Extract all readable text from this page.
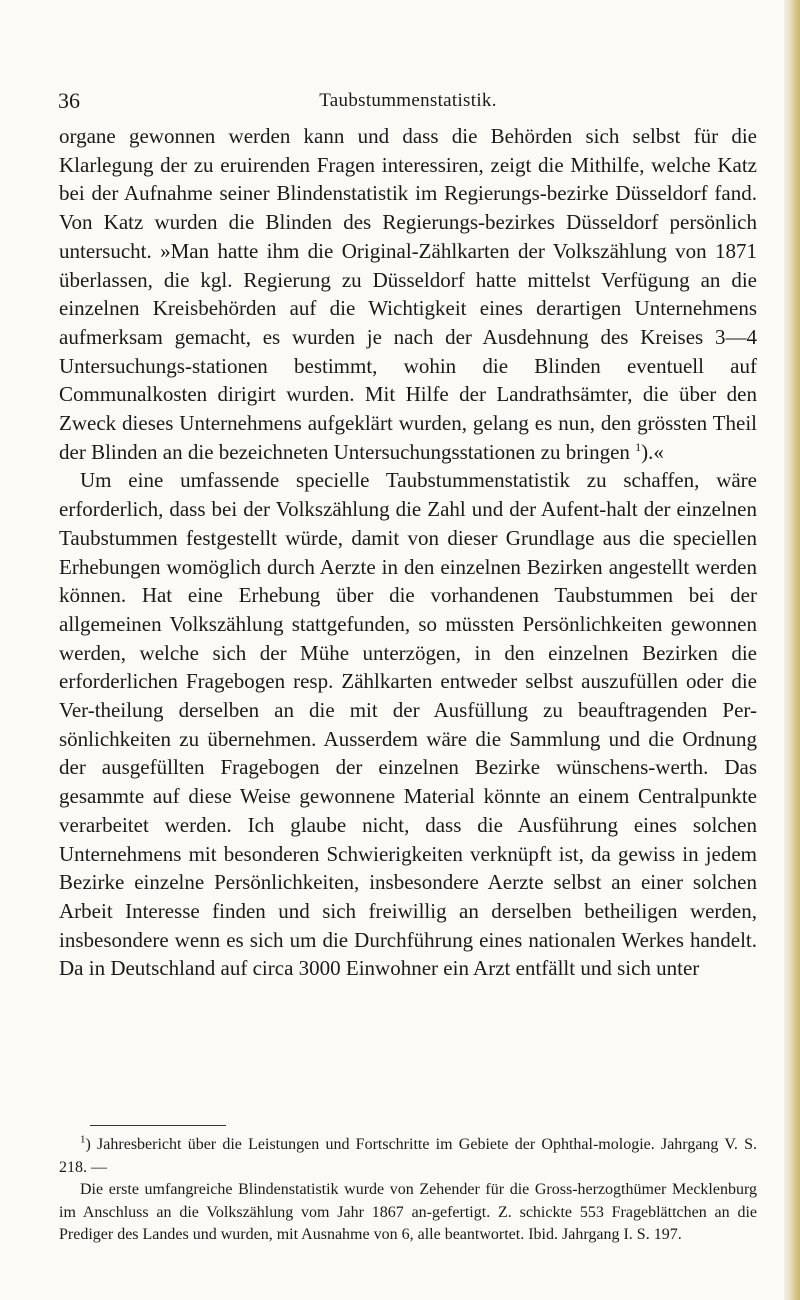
36	Taubstummenstatistik.

organe gewonnen werden kann und dass die Behörden sich selbst für die Klarlegung der zu eruirenden Fragen interessiren, zeigt die Mithilfe, welche Katz bei der Aufnahme seiner Blindenstatistik im Regierungs-bezirke Düsseldorf fand. Von Katz wurden die Blinden des Regierungs-bezirkes Düsseldorf persönlich untersucht. »Man hatte ihm die Original-Zählkarten der Volkszählung von 1871 überlassen, die kgl. Regierung zu Düsseldorf hatte mittelst Verfügung an die einzelnen Kreisbehörden auf die Wichtigkeit eines derartigen Unternehmens aufmerksam gemacht, es wurden je nach der Ausdehnung des Kreises 3—4 Untersuchungs-stationen bestimmt, wohin die Blinden eventuell auf Communalkosten dirigirt wurden. Mit Hilfe der Landrathsämter, die über den Zweck dieses Unternehmens aufgeklärt wurden, gelang es nun, den grössten Theil der Blinden an die bezeichneten Untersuchungsstationen zu bringen $^1$).«

Um eine umfassende specielle Taubstummenstatistik zu schaffen, wäre erforderlich, dass bei der Volkszählung die Zahl und der Aufent-halt der einzelnen Taubstummen festgestellt würde, damit von dieser Grundlage aus die speciellen Erhebungen womöglich durch Aerzte in den einzelnen Bezirken angestellt werden können. Hat eine Erhebung über die vorhandenen Taubstummen bei der allgemeinen Volkszählung stattgefunden, so müssten Persönlichkeiten gewonnen werden, welche sich der Mühe unterzögen, in den einzelnen Bezirken die erforderlichen Fragebogen resp. Zählkarten entweder selbst auszufüllen oder die Ver-theilung derselben an die mit der Ausfüllung zu beauftragenden Per-sönlichkeiten zu übernehmen. Ausserdem wäre die Sammlung und die Ordnung der ausgefüllten Fragebogen der einzelnen Bezirke wünschens-werth. Das gesammte auf diese Weise gewonnene Material könnte an einem Centralpunkte verarbeitet werden. Ich glaube nicht, dass die Ausführung eines solchen Unternehmens mit besonderen Schwierigkeiten verknüpft ist, da gewiss in jedem Bezirke einzelne Persönlichkeiten, insbesondere Aerzte selbst an einer solchen Arbeit Interesse finden und sich freiwillig an derselben betheiligen werden, insbesondere wenn es sich um die Durchführung eines nationalen Werkes handelt. Da in Deutschland auf circa 3000 Einwohner ein Arzt entfällt und sich unter

$^1$) Jahresbericht über die Leistungen und Fortschritte im Gebiete der Ophthal-mologie. Jahrgang V. S. 218. —

Die erste umfangreiche Blindenstatistik wurde von Zehender für die Gross-herzogthümer Mecklenburg im Anschluss an die Volkszählung vom Jahr 1867 an-gefertigt. Z. schickte 553 Frageblättchen an die Prediger des Landes und wurden, mit Ausnahme von 6, alle beantwortet. Ibid. Jahrgang I. S. 197.
